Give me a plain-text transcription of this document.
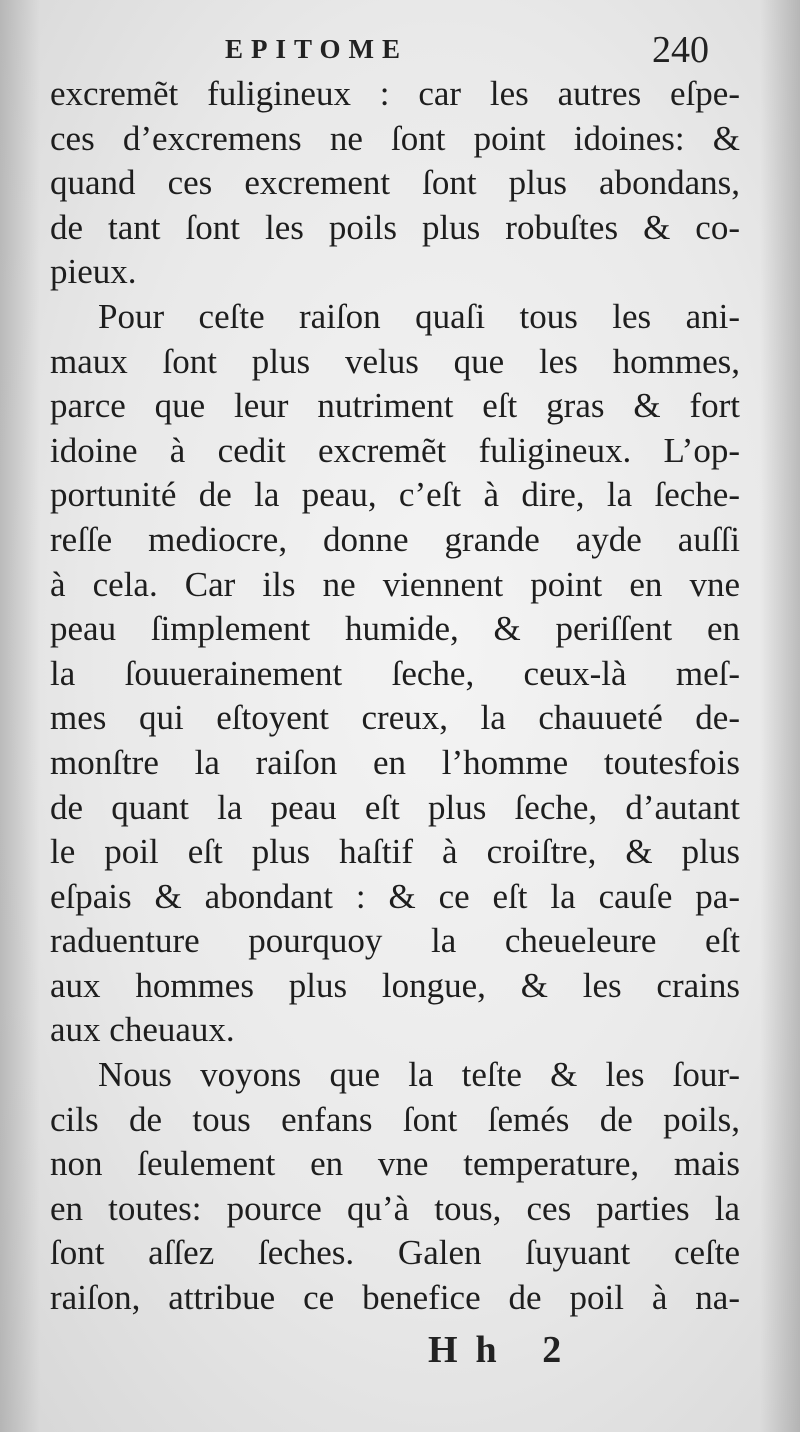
EPITOME	240
excremẽt fuligineux : car les autres eſpe-
ces d’excremens ne ſont point idoines: &
quand ces excrement ſont plus abondans,
de tant ſont les poils plus robuſtes & co-
pieux.
Pour ceſte raiſon quaſi tous les ani-
maux ſont plus velus que les hommes,
parce que leur nutriment eſt gras & fort
idoine à cedit excremẽt fuligineux. L’op-
portunité de la peau, c’eſt à dire, la ſeche-
reſſe mediocre, donne grande ayde auſſi
à cela. Car ils ne viennent point en vne
peau ſimplement humide, & periſſent en
la ſouuerainement ſeche, ceux-là meſ-
mes qui eſtoyent creux, la chauueté de-
monſtre la raiſon en l’homme toutesfois
de quant la peau eſt plus ſeche, d’autant
le poil eſt plus haſtif à croiſtre, & plus
eſpais & abondant : & ce eſt la cauſe pa-
raduenture pourquoy la cheueleure eſt
aux hommes plus longue, & les crains
aux cheuaux.
Nous voyons que la teſte & les ſour-
cils de tous enfans ſont ſemés de poils,
non ſeulement en vne temperature, mais
en toutes: pource qu’à tous, ces parties la
ſont aſſez ſeches. Galen ſuyuant ceſte
raiſon, attribue ce benefice de poil à na-
Hh 2
